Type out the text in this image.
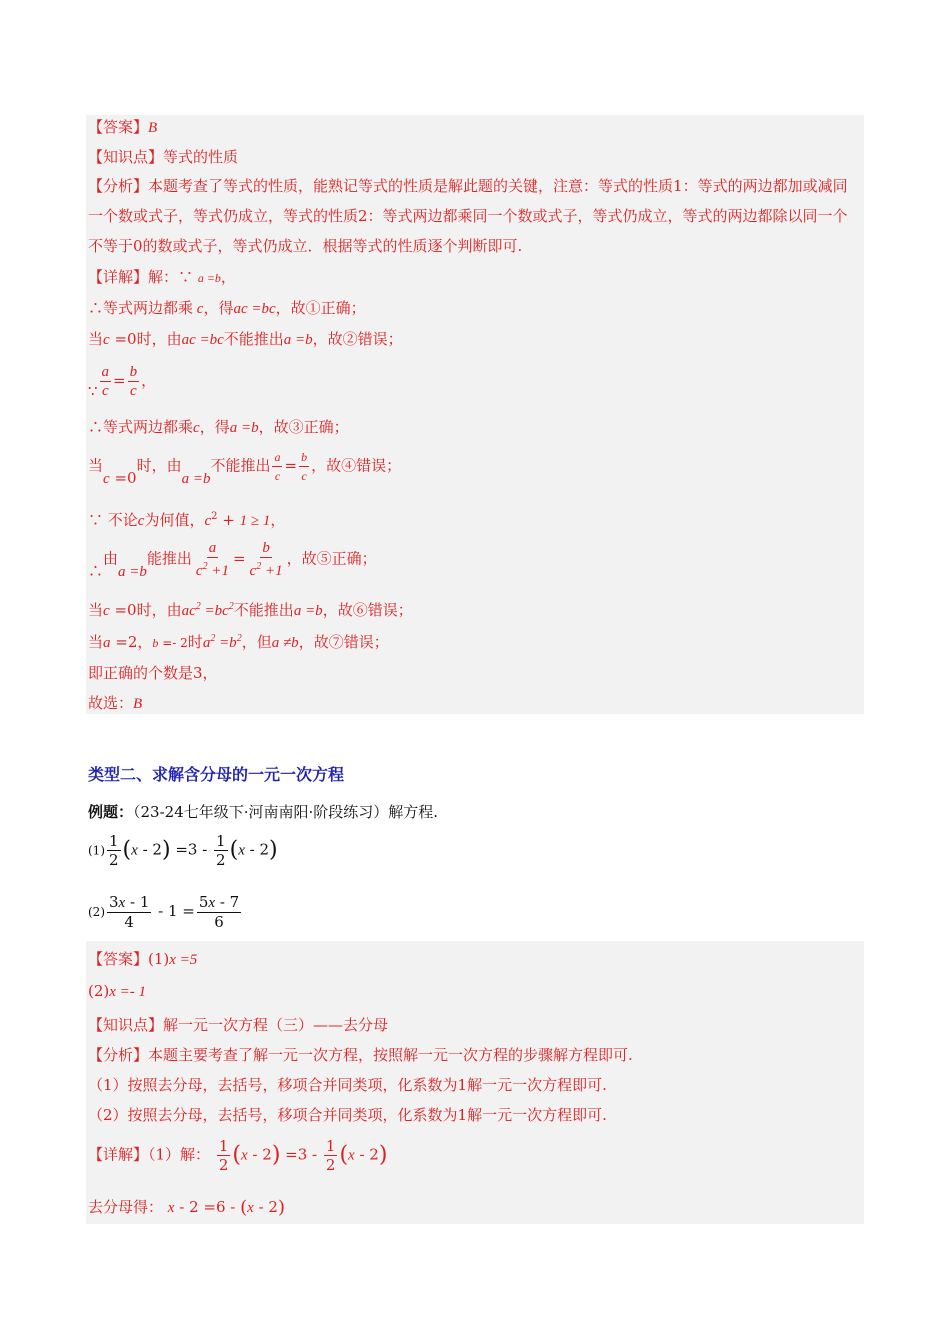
【答案】B
【知识点】等式的性质
【分析】本题考查了等式的性质，能熟记等式的性质是解此题的关键，注意：等式的性质1：等式的两边都加或减同一个数或式子，等式仍成立，等式的性质2：等式两边都乘同一个数或式子，等式仍成立，等式的两边都除以同一个不等于0的数或式子，等式仍成立．根据等式的性质逐个判断即可.
【详解】解：∵ a =b，
∴等式两边都乘 c，得ac =bc，故①正确；
当c =0时，由ac =bc不能推出a =b，故②错误；
∵ $\frac{a}{c} = \frac{b}{c}$ ，
∴等式两边都乘c，得a =b，故③正确；
当c =0时，由a =b不能推出 $\frac{a}{c} = \frac{b}{c}$ ，故④错误；
∵ 不论c为何值，$c^2 + 1 \ge 1$，
∴由a =b能推出 $\frac{a}{c^2 +1} = \frac{b}{c^2 +1}$ ，故⑤正确；
当c =0时，由$ac^2 =bc^2$不能推出a =b，故⑥错误；
当a =2，b =- 2时$a^2 =b^2$，但a ≠b，故⑦错误；
即正确的个数是3，
故选：B
类型二、求解含分母的一元一次方程
例题：（23-24七年级下·河南南阳·阶段练习）解方程.
$(1) \frac{1}{2} (x - 2) =3 - \frac{1}{2} (x - 2)$
$(2) \frac{3x - 1}{4} - 1 = \frac{5x - 7}{6}$
【答案】(1)x =5
(2)x =- 1
【知识点】解一元一次方程（三）——去分母
【分析】本题主要考查了解一元一次方程，按照解一元一次方程的步骤解方程即可.
（1）按照去分母，去括号，移项合并同类项，化系数为1解一元一次方程即可.
（2）按照去分母，去括号，移项合并同类项，化系数为1解一元一次方程即可.
【详解】（1）解： $\frac{1}{2} (x - 2) =3 - \frac{1}{2} (x - 2)$
去分母得： x - 2 =6 - (x - 2)
